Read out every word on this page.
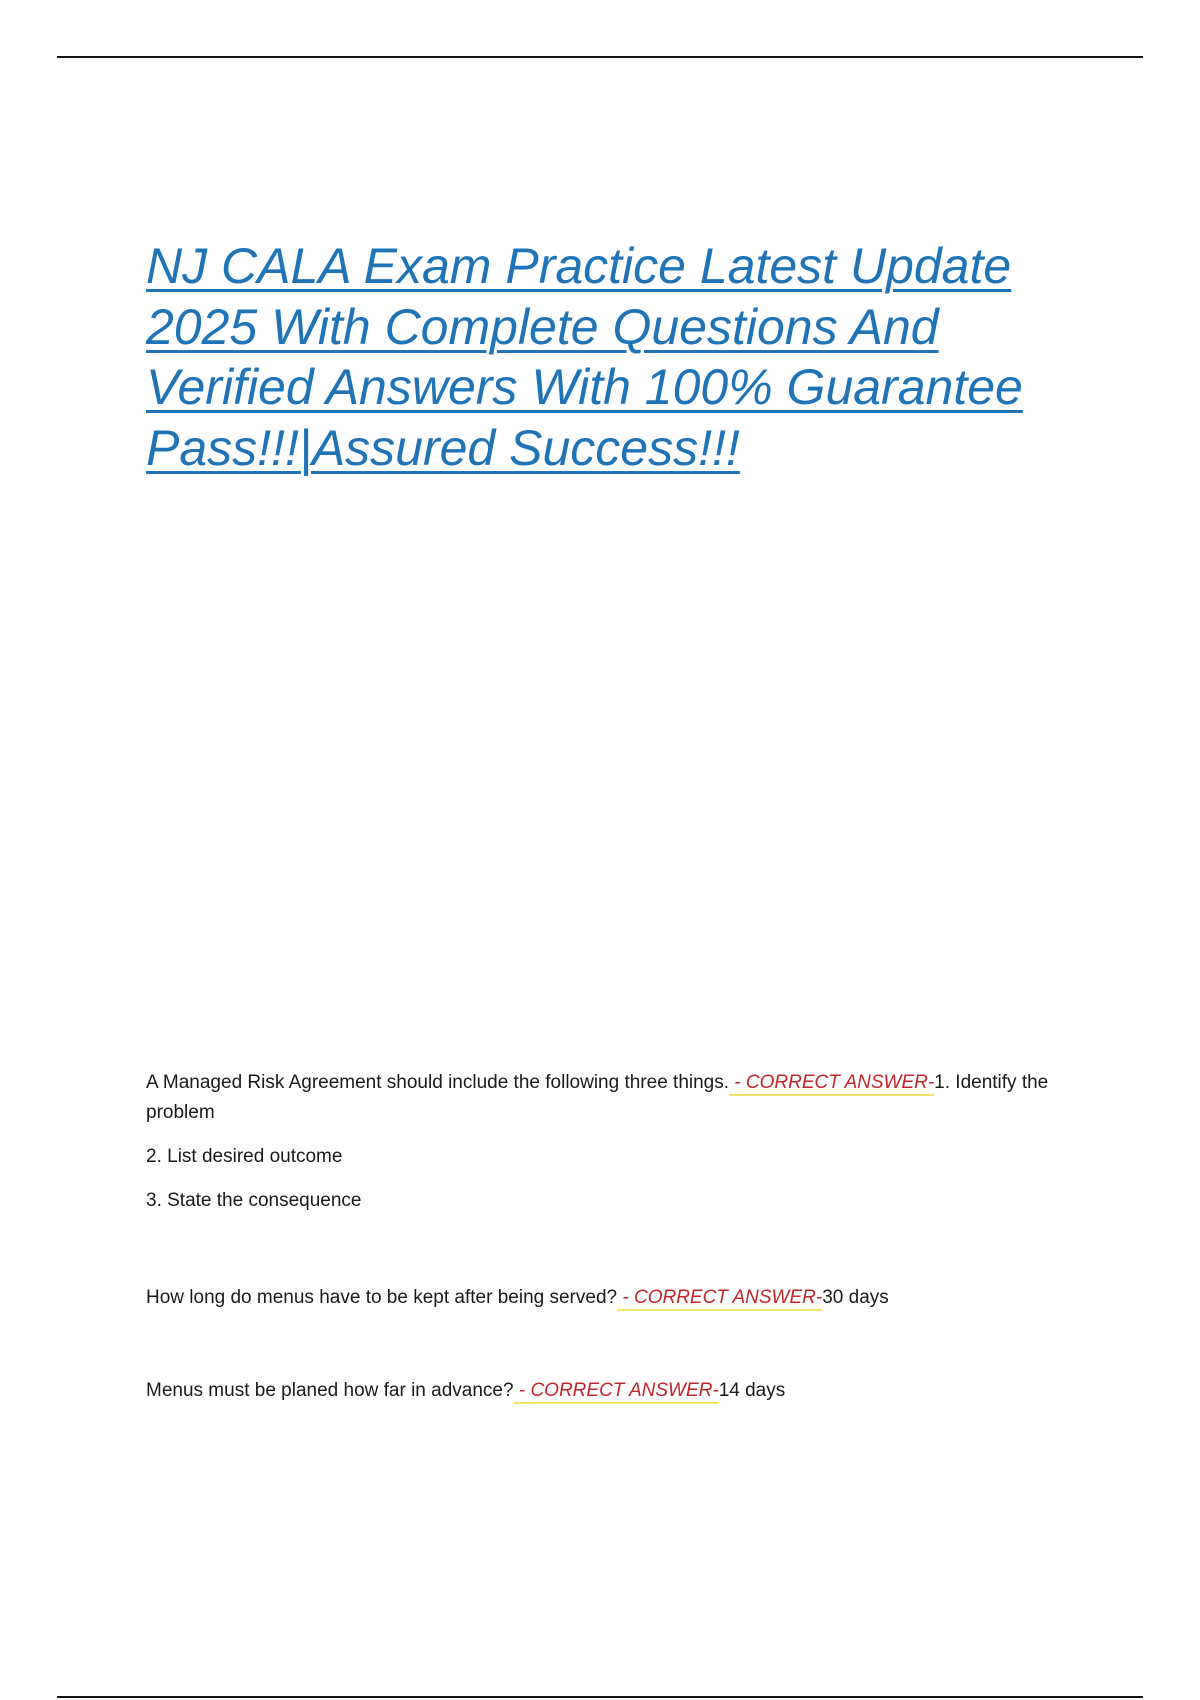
NJ CALA Exam Practice Latest Update 2025 With Complete Questions And Verified Answers With 100% Guarantee Pass!!!|Assured Success!!!

A Managed Risk Agreement should include the following three things. - CORRECT ANSWER-1. Identify the problem

2. List desired outcome

3. State the consequence

How long do menus have to be kept after being served? - CORRECT ANSWER-30 days

Menus must be planed how far in advance? - CORRECT ANSWER-14 days
